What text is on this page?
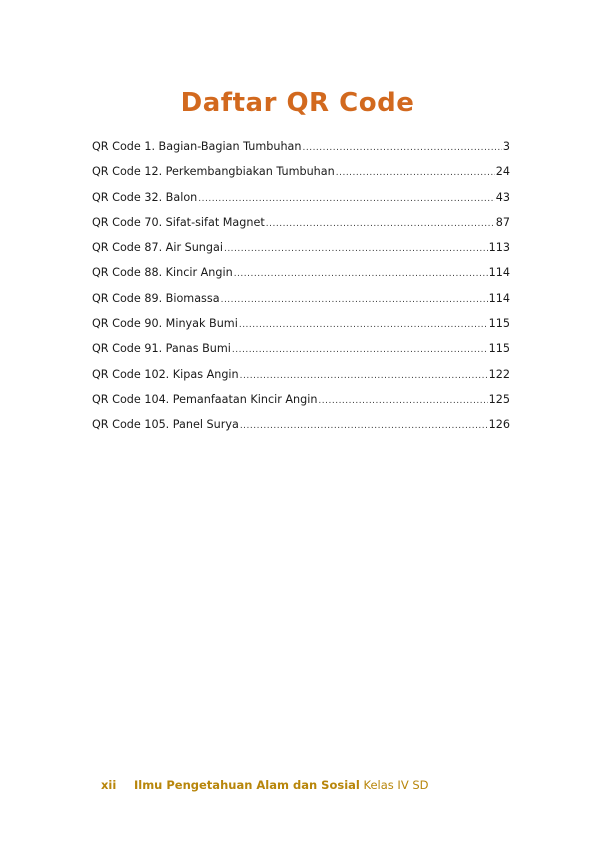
Daftar QR Code
QR Code 1. Bagian-Bagian Tumbuhan .....	3
QR Code 12. Perkembangbiakan Tumbuhan .....	24
QR Code 32. Balon .....	43
QR Code 70. Sifat-sifat Magnet .....	87
QR Code 87. Air Sungai .....	113
QR Code 88. Kincir Angin .....	114
QR Code 89. Biomassa .....	114
QR Code 90. Minyak Bumi .....	115
QR Code 91. Panas Bumi .....	115
QR Code 102. Kipas Angin .....	122
QR Code 104. Pemanfaatan Kincir Angin .....	125
QR Code 105. Panel Surya .....	126
xii Ilmu Pengetahuan Alam dan Sosial Kelas IV SD
